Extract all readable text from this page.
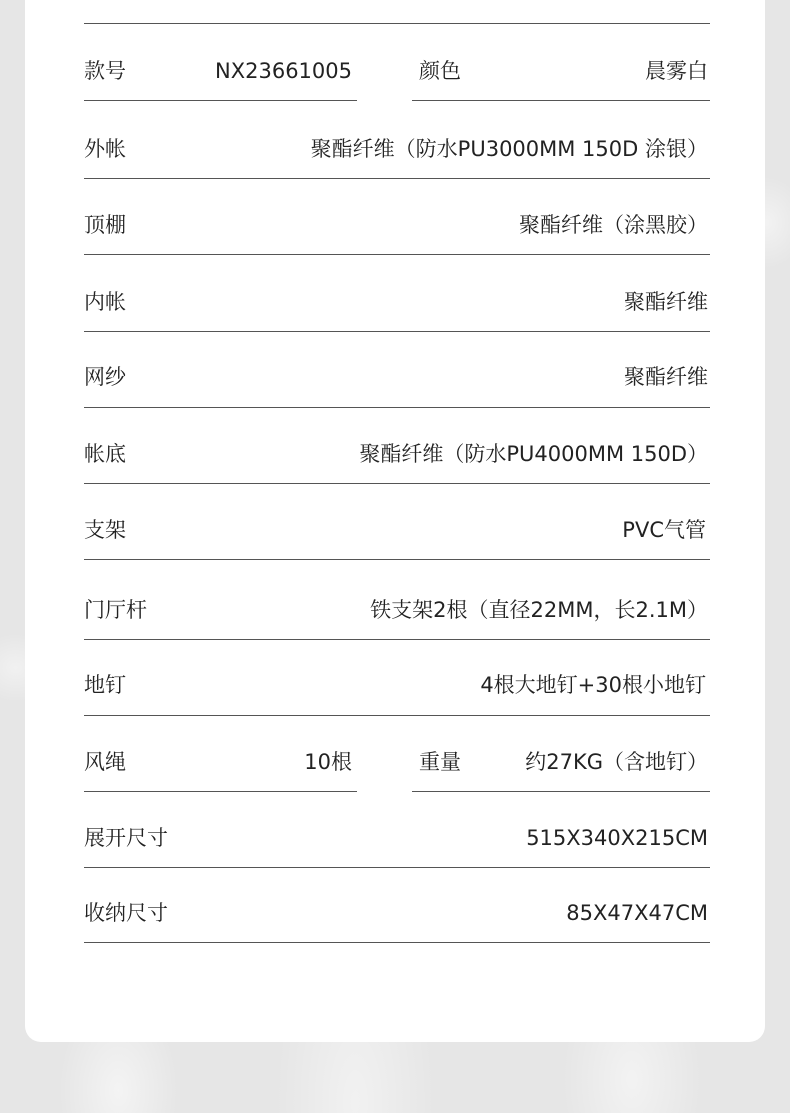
款号	NX23661005	颜色	晨雾白
外帐	聚酯纤维（防水PU3000MM 150D 涂银）
顶棚	聚酯纤维（涂黑胶）
内帐	聚酯纤维
网纱	聚酯纤维
帐底	聚酯纤维（防水PU4000MM 150D）
支架	PVC气管
门厅杆	铁支架2根（直径22MM，长2.1M）
地钉	4根大地钉+30根小地钉
风绳	10根	重量	约27KG（含地钉）
展开尺寸	515X340X215CM
收纳尺寸	85X47X47CM
